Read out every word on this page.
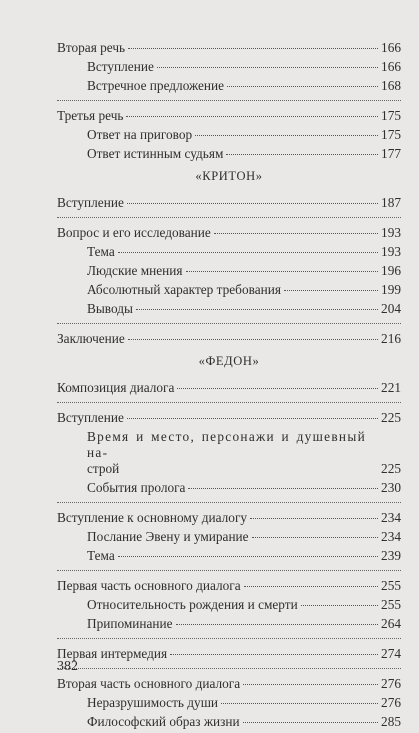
Вторая речь	166
Вступление	166
Встречное предложение	168
Третья речь	175
Ответ на приговор	175
Ответ истинным судьям	177
«КРИТОН»
Вступление	187
Вопрос и его исследование	193
Тема	193
Людские мнения	196
Абсолютный характер требования	199
Выводы	204
Заключение	216
«ФЕДОН»
Композиция диалога	221
Вступление	225
Время и место, персонажи и душевный на-
строй	225
События пролога	230
Вступление к основному диалогу	234
Послание Эвену и умирание	234
Тема	239
Первая часть основного диалога	255
Относительность рождения и смерти	255
Припоминание	264
Первая интермедия	274
Вторая часть основного диалога	276
Неразрушимость души	276
Философский образ жизни	285
382
